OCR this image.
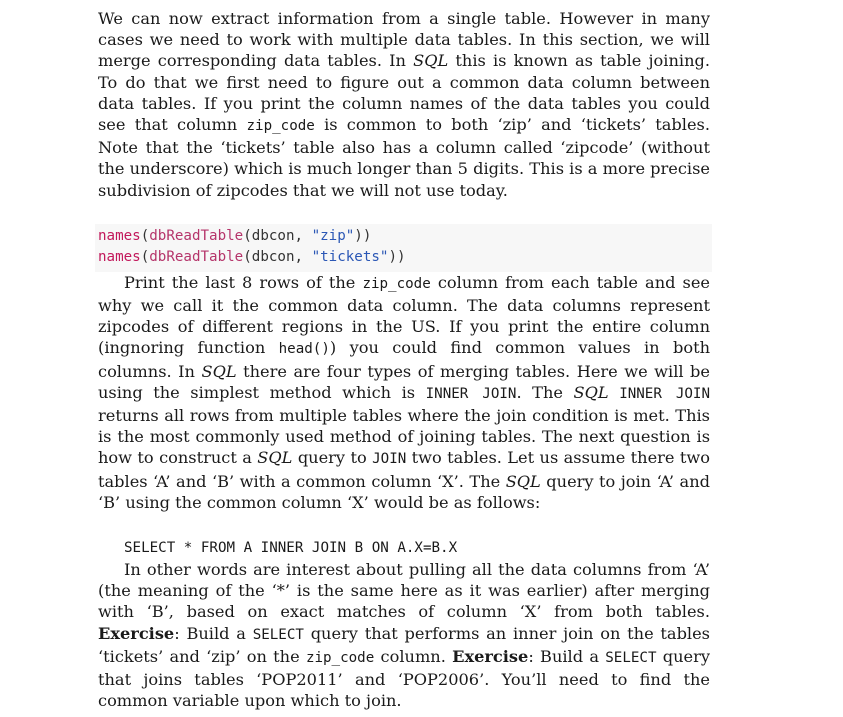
We can now extract information from a single table. However in many cases we need to work with multiple data tables. In this section, we will merge corresponding data tables. In SQL this is known as table joining. To do that we first need to figure out a common data column between data tables. If you print the column names of the data tables you could see that column zip_code is common to both ‘zip’ and ‘tickets’ tables. Note that the ‘tickets’ table also has a column called ‘zipcode’ (without the underscore) which is much longer than 5 digits. This is a more precise subdivision of zipcodes that we will not use today.

names(dbReadTable(dbcon, "zip"))
names(dbReadTable(dbcon, "tickets"))

Print the last 8 rows of the zip_code column from each table and see why we call it the common data column. The data columns represent zipcodes of different regions in the US. If you print the entire column (ingnoring function head()) you could find common values in both columns. In SQL there are four types of merging tables. Here we will be using the simplest method which is INNER JOIN. The SQL INNER JOIN returns all rows from multiple tables where the join condition is met. This is the most commonly used method of joining tables. The next question is how to construct a SQL query to JOIN two tables. Let us assume there two tables ‘A’ and ‘B’ with a common column ‘X’. The SQL query to join ‘A’ and ‘B’ using the common column ‘X’ would be as follows:

SELECT * FROM A INNER JOIN B ON A.X=B.X

In other words are interest about pulling all the data columns from ‘A’ (the meaning of the ‘*’ is the same here as it was earlier) after merging with ‘B’, based on exact matches of column ‘X’ from both tables. Exercise: Build a SELECT query that performs an inner join on the tables ‘tickets’ and ‘zip’ on the zip_code column. Exercise: Build a SELECT query that joins tables ‘POP2011’ and ‘POP2006’. You’ll need to find the common variable upon which to join.
